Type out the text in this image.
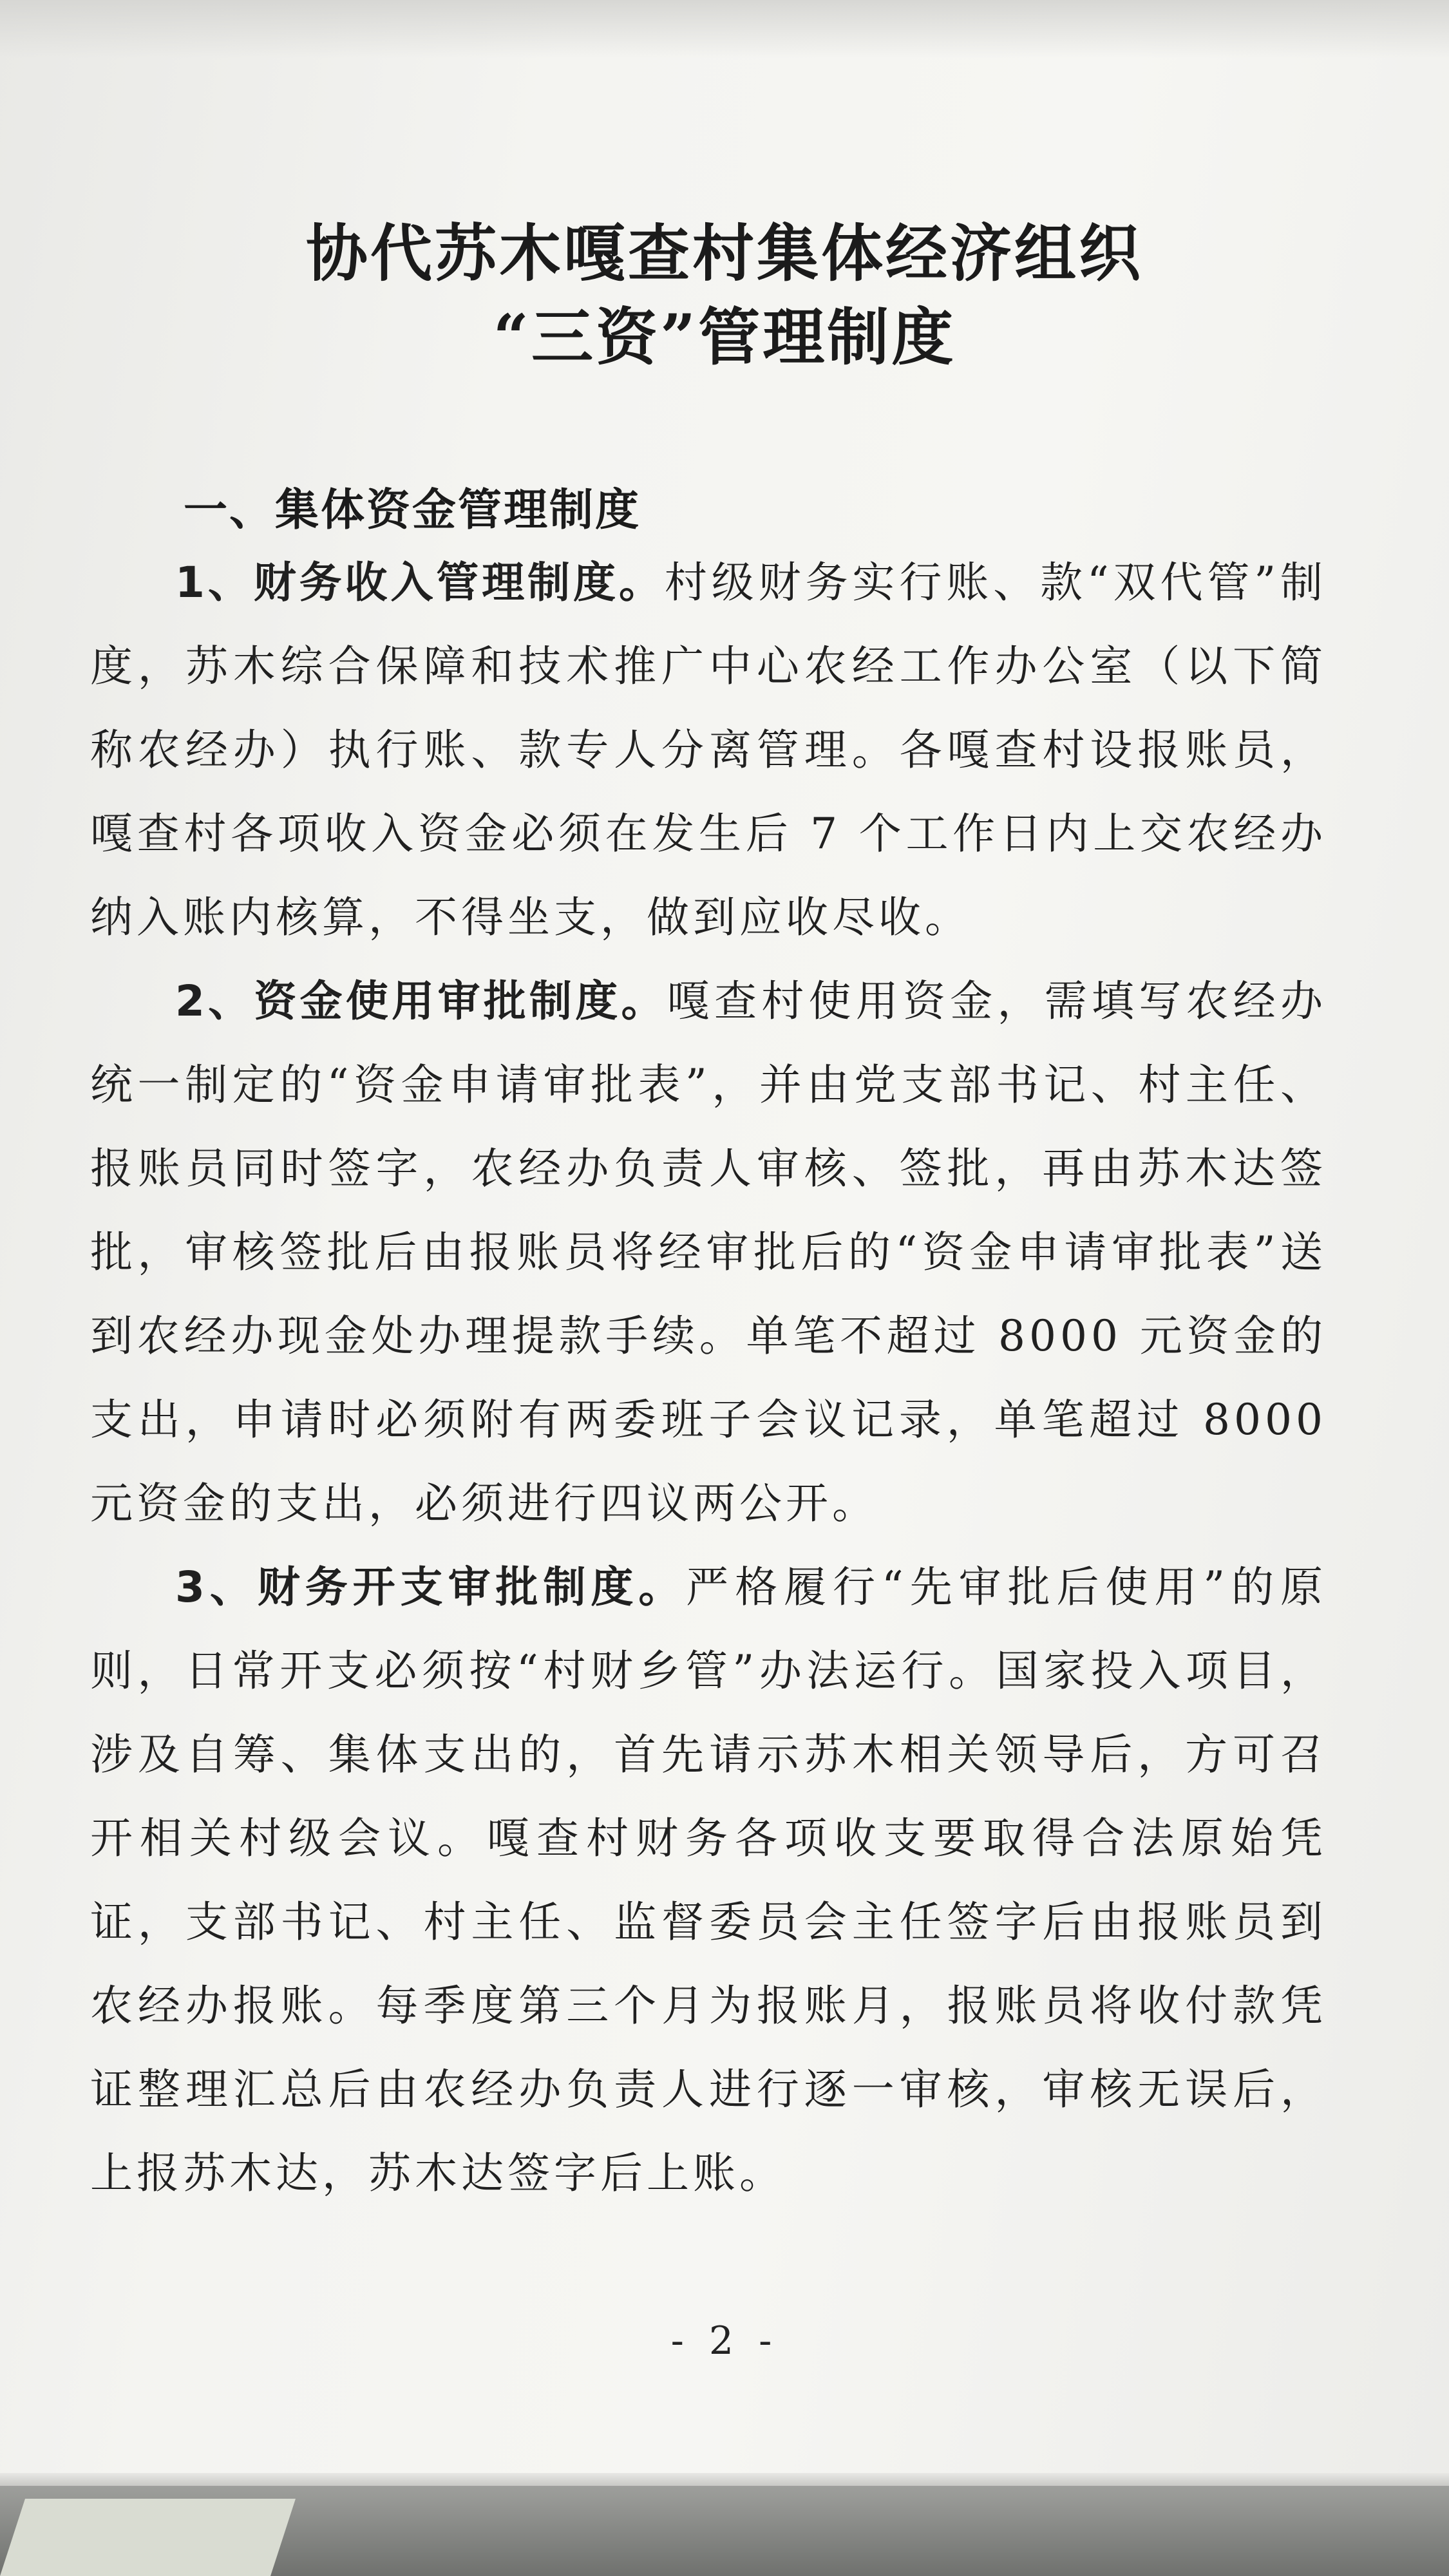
协代苏木嘎查村集体经济组织
“三资”管理制度
一、集体资金管理制度

1、财务收入管理制度。村级财务实行账、款“双代管”制度，苏木综合保障和技术推广中心农经工作办公室（以下简称农经办）执行账、款专人分离管理。各嘎查村设报账员，嘎查村各项收入资金必须在发生后 7 个工作日内上交农经办纳入账内核算，不得坐支，做到应收尽收。

2、资金使用审批制度。嘎查村使用资金，需填写农经办统一制定的“资金申请审批表”，并由党支部书记、村主任、报账员同时签字，农经办负责人审核、签批，再由苏木达签批，审核签批后由报账员将经审批后的“资金申请审批表”送到农经办现金处办理提款手续。单笔不超过 8000 元资金的支出，申请时必须附有两委班子会议记录，单笔超过 8000 元资金的支出，必须进行四议两公开。

3、财务开支审批制度。严格履行“先审批后使用”的原则，日常开支必须按“村财乡管”办法运行。国家投入项目，涉及自筹、集体支出的，首先请示苏木相关领导后，方可召开相关村级会议。嘎查村财务各项收支要取得合法原始凭证，支部书记、村主任、监督委员会主任签字后由报账员到农经办报账。每季度第三个月为报账月，报账员将收付款凭证整理汇总后由农经办负责人进行逐一审核，审核无误后，上报苏木达，苏木达签字后上账。

- 2 -
